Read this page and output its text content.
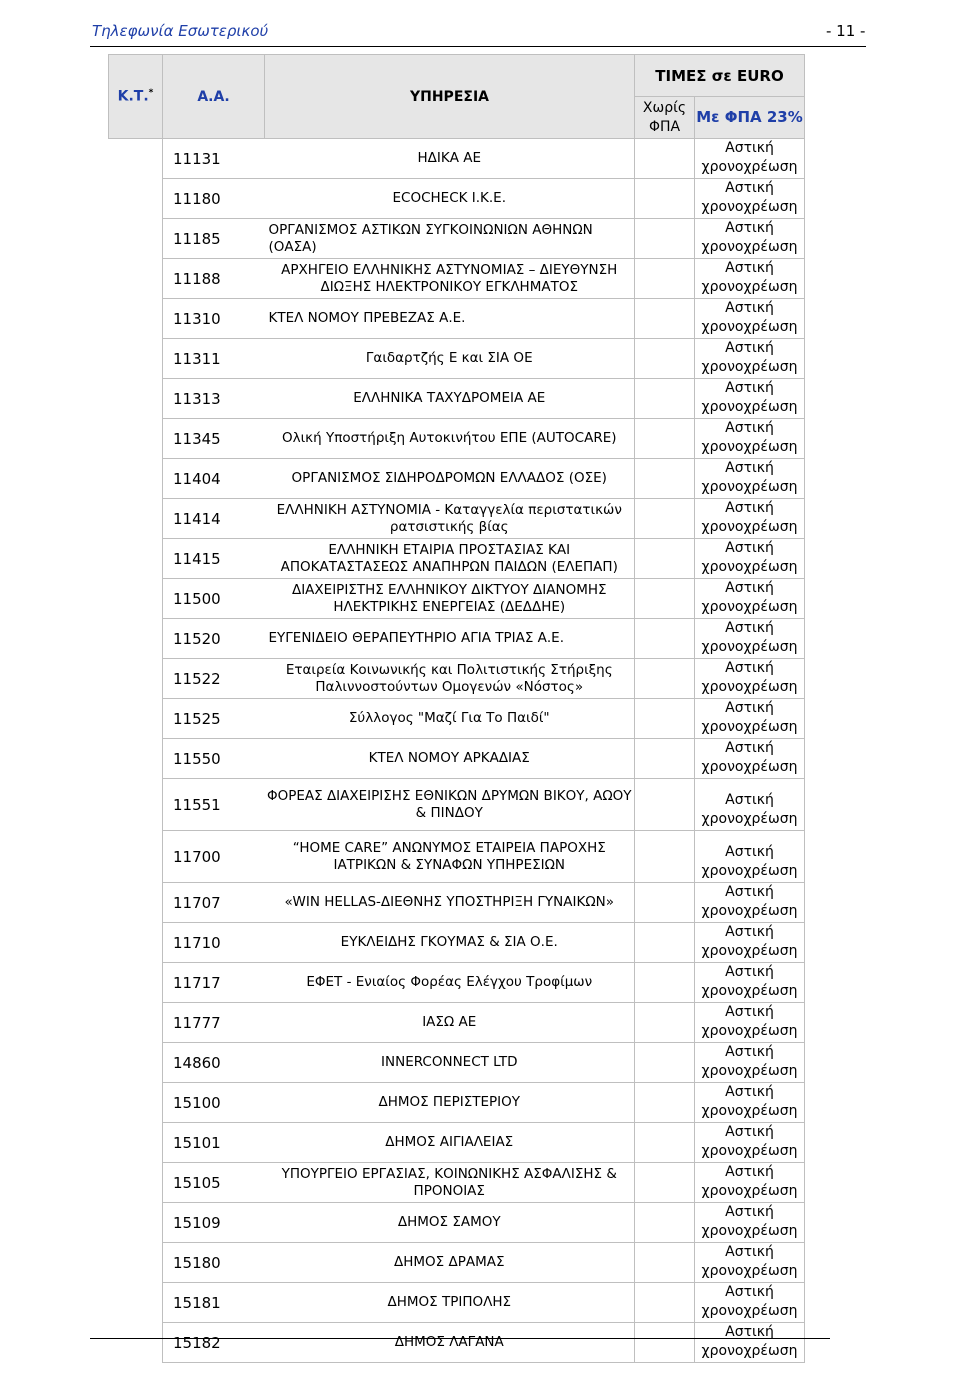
Τηλεφωνία Εσωτερικού	- 11 -
Κ.Τ.*	Α.Α.	ΥΠΗΡΕΣΙΑ	ΤΙΜΕΣ σε EURO	
			Χωρίς ΦΠΑ	Με ΦΠΑ 23%
	11131	ΗΔΙΚΑ ΑΕ		Αστική χρονοχρέωση
	11180	ECOCHECK Ι.Κ.Ε.		Αστική χρονοχρέωση
	11185	ΟΡΓΑΝΙΣΜΟΣ ΑΣΤΙΚΩΝ ΣΥΓΚΟΙΝΩΝΙΩΝ ΑΘΗΝΩΝ (ΟΑΣΑ)		Αστική χρονοχρέωση
	11188	ΑΡΧΗΓΕΙΟ ΕΛΛΗΝΙΚΗΣ ΑΣΤΥΝΟΜΙΑΣ – ΔΙΕΥΘΥΝΣΗ ΔΙΩΞΗΣ ΗΛΕΚΤΡΟΝΙΚΟΥ ΕΓΚΛΗΜΑΤΟΣ		Αστική χρονοχρέωση
	11310	ΚΤΕΛ ΝΟΜΟΥ ΠΡΕΒΕΖΑΣ Α.Ε.		Αστική χρονοχρέωση
	11311	Γαιδαρτζής Ε και ΣΙΑ ΟΕ		Αστική χρονοχρέωση
	11313	ΕΛΛΗΝΙΚΑ ΤΑΧΥΔΡΟΜΕΙΑ ΑΕ		Αστική χρονοχρέωση
	11345	Ολική Υποστήριξη Αυτοκινήτου ΕΠΕ (AUTOCARE)		Αστική χρονοχρέωση
	11404	ΟΡΓΑΝΙΣΜΟΣ ΣΙΔΗΡΟΔΡΟΜΩΝ ΕΛΛΑΔΟΣ (ΟΣΕ)		Αστική χρονοχρέωση
	11414	ΕΛΛΗΝΙΚΗ ΑΣΤΥΝΟΜΙΑ - Καταγγελία περιστατικών ρατσιστικής βίας		Αστική χρονοχρέωση
	11415	ΕΛΛΗΝΙΚΗ ΕΤΑΙΡΙΑ ΠΡΟΣΤΑΣΙΑΣ ΚΑΙ ΑΠΟΚΑΤΑΣΤΑΣΕΩΣ ΑΝΑΠΗΡΩΝ ΠΑΙΔΩΝ (ΕΛΕΠΑΠ)		Αστική χρονοχρέωση
	11500	ΔΙΑΧΕΙΡΙΣΤΗΣ ΕΛΛΗΝΙΚΟΥ ΔΙΚΤΥΟΥ ΔΙΑΝΟΜΗΣ ΗΛΕΚΤΡΙΚΗΣ ΕΝΕΡΓΕΙΑΣ (ΔΕΔΔΗΕ)		Αστική χρονοχρέωση
	11520	ΕΥΓΕΝΙΔΕΙΟ ΘΕΡΑΠΕΥΤΗΡΙΟ ΑΓΙΑ ΤΡΙΑΣ Α.Ε.		Αστική χρονοχρέωση
	11522	Εταιρεία Κοινωνικής και Πολιτιστικής Στήριξης Παλιννοστούντων Ομογενών «Νόστος»		Αστική χρονοχρέωση
	11525	Σύλλογος "Μαζί Για Το Παιδί"		Αστική χρονοχρέωση
	11550	ΚΤΕΛ ΝΟΜΟΥ ΑΡΚΑΔΙΑΣ		Αστική χρονοχρέωση
	11551	ΦΟΡΕΑΣ ΔΙΑΧΕΙΡΙΣΗΣ ΕΘΝΙΚΩΝ ΔΡΥΜΩΝ ΒΙΚΟΥ, ΑΩΟΥ & ΠΙΝΔΟΥ		Αστική χρονοχρέωση
	11700	“HOME CARE” ΑΝΩΝΥΜΟΣ ΕΤΑΙΡΕΙΑ ΠΑΡΟΧΗΣ ΙΑΤΡΙΚΩΝ & ΣΥΝΑΦΩΝ ΥΠΗΡΕΣΙΩΝ		Αστική χρονοχρέωση
	11707	«WIN HELLAS-ΔΙΕΘΝΗΣ ΥΠΟΣΤΗΡΙΞΗ ΓΥΝΑΙΚΩΝ»		Αστική χρονοχρέωση
	11710	ΕΥΚΛΕΙΔΗΣ ΓΚΟΥΜΑΣ & ΣΙΑ Ο.Ε.		Αστική χρονοχρέωση
	11717	ΕΦΕΤ - Ενιαίος Φορέας Ελέγχου Τροφίμων		Αστική χρονοχρέωση
	11777	ΙΑΣΩ ΑΕ		Αστική χρονοχρέωση
	14860	INNERCONNECT LTD		Αστική χρονοχρέωση
	15100	ΔΗΜΟΣ ΠΕΡΙΣΤΕΡΙΟΥ		Αστική χρονοχρέωση
	15101	ΔΗΜΟΣ ΑΙΓΙΑΛΕΙΑΣ		Αστική χρονοχρέωση
	15105	ΥΠΟΥΡΓΕΙΟ ΕΡΓΑΣΙΑΣ, ΚΟΙΝΩΝΙΚΗΣ ΑΣΦΑΛΙΣΗΣ & ΠΡΟΝΟΙΑΣ		Αστική χρονοχρέωση
	15109	ΔΗΜΟΣ ΣΑΜΟΥ		Αστική χρονοχρέωση
	15180	ΔΗΜΟΣ ΔΡΑΜΑΣ		Αστική χρονοχρέωση
	15181	ΔΗΜΟΣ ΤΡΙΠΟΛΗΣ		Αστική χρονοχρέωση
	15182	ΔΗΜΟΣ ΛΑΓΑΝΑ		Αστική χρονοχρέωση
